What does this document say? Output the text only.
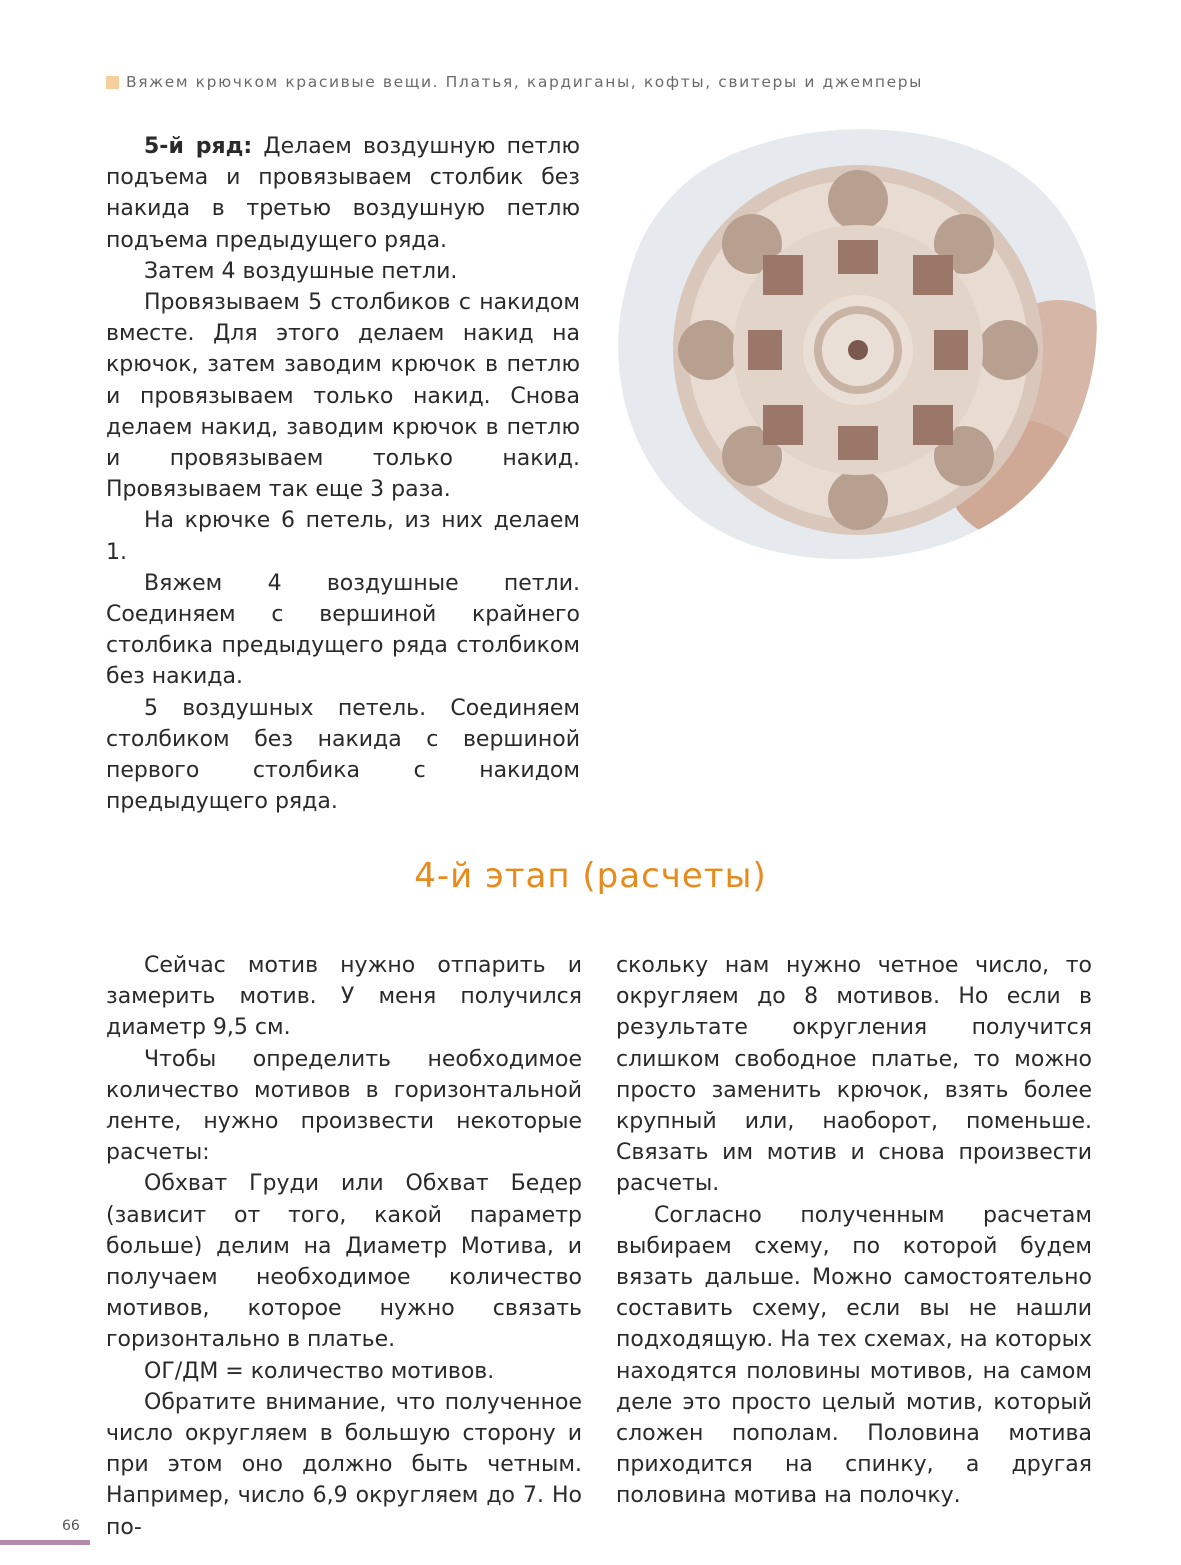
Вяжем крючком красивые вещи. Платья, кардиганы, кофты, свитеры и джемперы

5-й ряд: Делаем воздушную петлю подъема и провязываем столбик без накида в третью воздушную петлю подъема предыдущего ряда.

Затем 4 воздушные петли.

Провязываем 5 столбиков с накидом вместе. Для этого делаем накид на крючок, затем заводим крючок в петлю и провязываем только накид. Снова делаем накид, заводим крючок в петлю и провязываем только накид. Провязываем так еще 3 раза.

На крючке 6 петель, из них делаем 1.

Вяжем 4 воздушные петли. Соединяем с вершиной крайнего столбика предыдущего ряда столбиком без накида.

5 воздушных петель. Соединяем столбиком без накида с вершиной первого столбика с накидом предыдущего ряда.

4-й этап (расчеты)

Сейчас мотив нужно отпарить и замерить мотив. У меня получился диаметр 9,5 см.

Чтобы определить необходимое количество мотивов в горизонтальной ленте, нужно произвести некоторые расчеты:

Обхват Груди или Обхват Бедер (зависит от того, какой параметр больше) делим на Диаметр Мотива, и получаем необходимое количество мотивов, которое нужно связать горизонтально в платье.

ОГ/ДМ = количество мотивов.

Обратите внимание, что полученное число округляем в большую сторону и при этом оно должно быть четным. Например, число 6,9 округляем до 7. Но по-

скольку нам нужно четное число, то округляем до 8 мотивов. Но если в результате округления получится слишком свободное платье, то можно просто заменить крючок, взять более крупный или, наоборот, поменьше. Связать им мотив и снова произвести расчеты.

Согласно полученным расчетам выбираем схему, по которой будем вязать дальше. Можно самостоятельно составить схему, если вы не нашли подходящую. На тех схемах, на которых находятся половины мотивов, на самом деле это просто целый мотив, который сложен пополам. Половина мотива приходится на спинку, а другая половина мотива на полочку.

66
